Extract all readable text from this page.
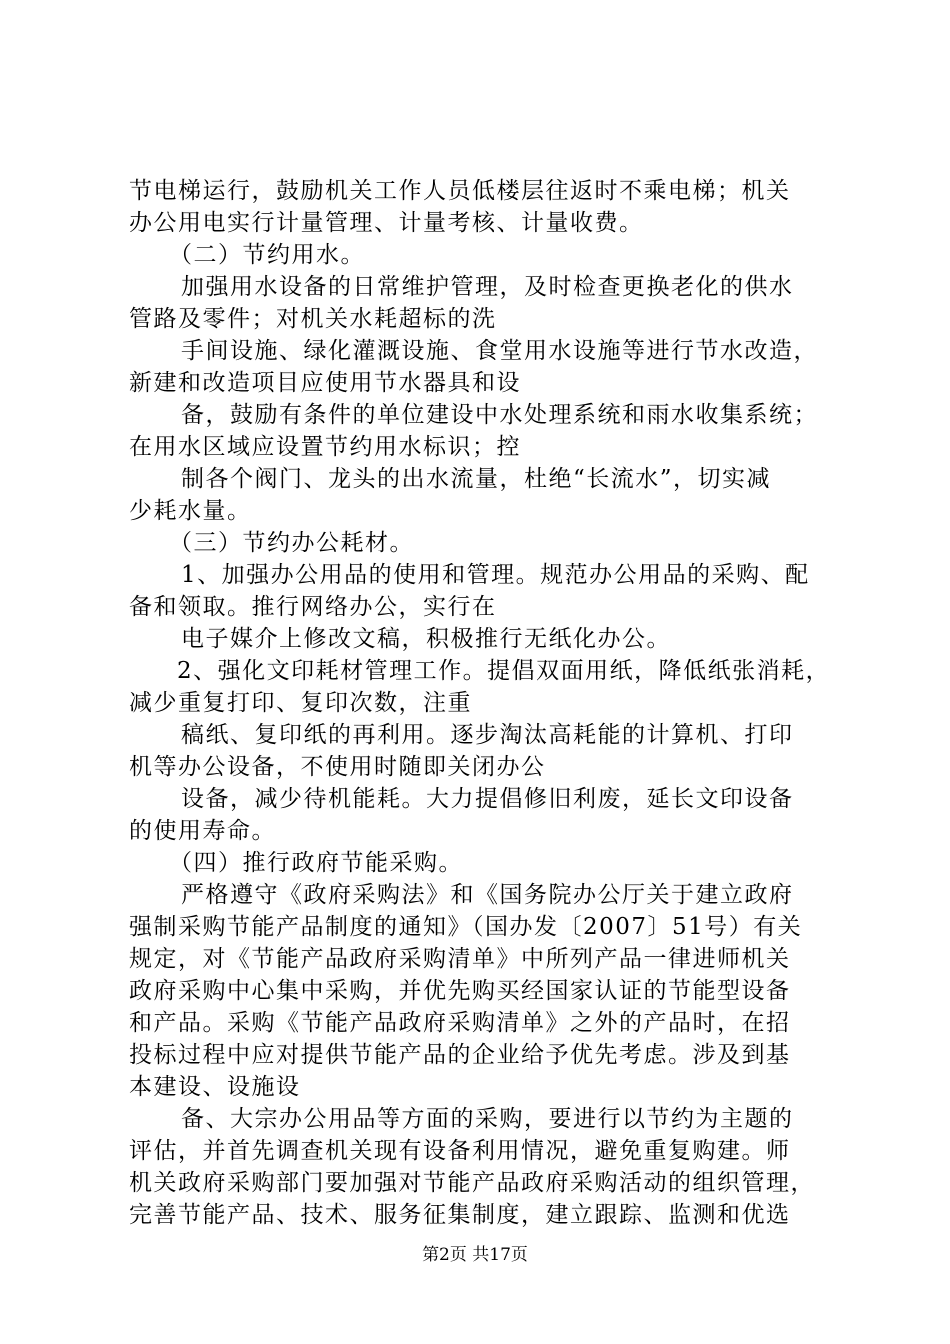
节电梯运行，鼓励机关工作人员低楼层往返时不乘电梯；机关
办公用电实行计量管理、计量考核、计量收费。
（二）节约用水。
加强用水设备的日常维护管理，及时检查更换老化的供水
管路及零件；对机关水耗超标的洗
手间设施、绿化灌溉设施、食堂用水设施等进行节水改造，
新建和改造项目应使用节水器具和设
备，鼓励有条件的单位建设中水处理系统和雨水收集系统；
在用水区域应设置节约用水标识；控
制各个阀门、龙头的出水流量，杜绝“长流水”，切实减
少耗水量。
（三）节约办公耗材。
1、加强办公用品的使用和管理。规范办公用品的采购、配
备和领取。推行网络办公，实行在
电子媒介上修改文稿，积极推行无纸化办公。
2、强化文印耗材管理工作。提倡双面用纸，降低纸张消耗，
减少重复打印、复印次数，注重
稿纸、复印纸的再利用。逐步淘汰高耗能的计算机、打印
机等办公设备，不使用时随即关闭办公
设备，减少待机能耗。大力提倡修旧利废，延长文印设备
的使用寿命。
（四）推行政府节能采购。
严格遵守《政府采购法》和《国务院办公厅关于建立政府
强制采购节能产品制度的通知》（国办发〔2007〕51号）有关
规定，对《节能产品政府采购清单》中所列产品一律进师机关
政府采购中心集中采购，并优先购买经国家认证的节能型设备
和产品。采购《节能产品政府采购清单》之外的产品时，在招
投标过程中应对提供节能产品的企业给予优先考虑。涉及到基
本建设、设施设
备、大宗办公用品等方面的采购，要进行以节约为主题的
评估，并首先调查机关现有设备利用情况，避免重复购建。师
机关政府采购部门要加强对节能产品政府采购活动的组织管理，
完善节能产品、技术、服务征集制度，建立跟踪、监测和优选
第2页 共17页
